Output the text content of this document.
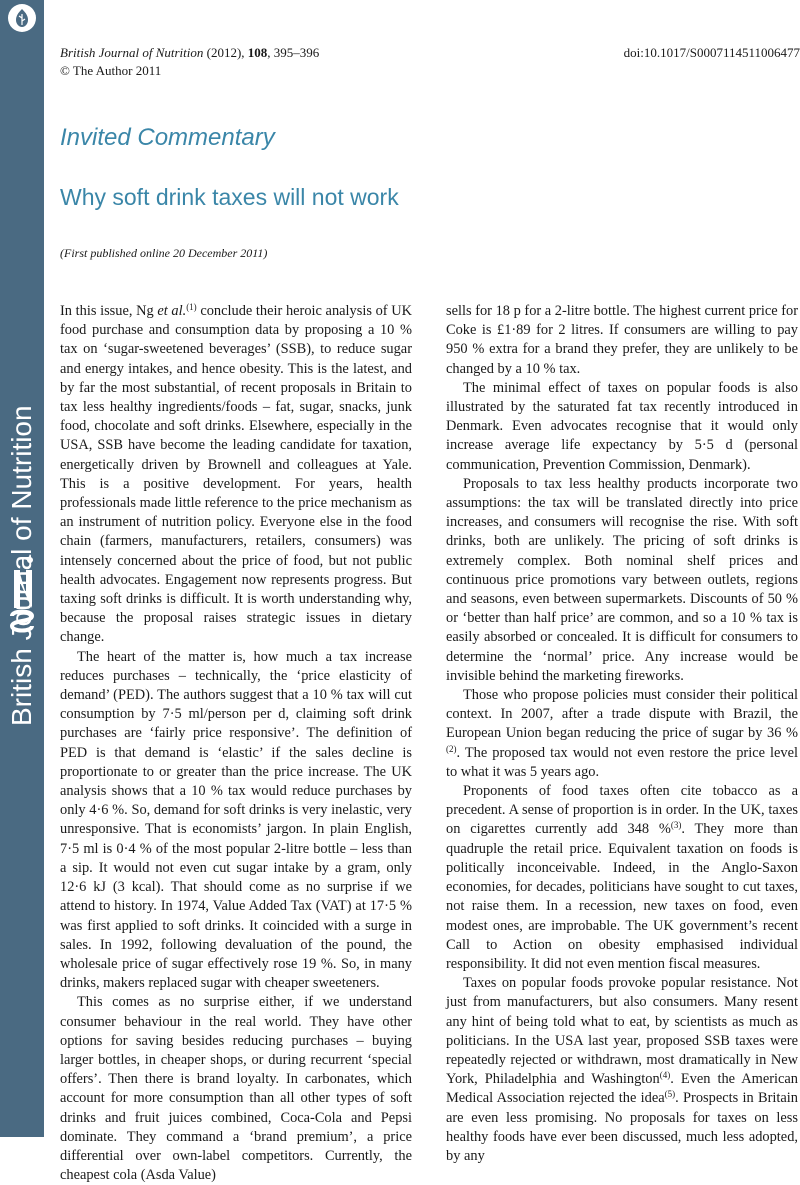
British Journal of Nutrition
British Journal of Nutrition (2012), 108, 395–396
© The Author 2011
doi:10.1017/S0007114511006477
Invited Commentary
Why soft drink taxes will not work
(First published online 20 December 2011)

In this issue, Ng et al.$^{(1)}$ conclude their heroic analysis of UK food purchase and consumption data by proposing a 10 % tax on ‘sugar-sweetened beverages’ (SSB), to reduce sugar and energy intakes, and hence obesity. This is the latest, and by far the most substantial, of recent proposals in Britain to tax less healthy ingredients/foods – fat, sugar, snacks, junk food, chocolate and soft drinks. Elsewhere, especially in the USA, SSB have become the leading candidate for taxation, energetically driven by Brownell and colleagues at Yale. This is a positive development. For years, health professionals made little reference to the price mechanism as an instrument of nutrition policy. Everyone else in the food chain (farmers, manufacturers, retailers, consumers) was intensely concerned about the price of food, but not public health advocates. Engagement now represents progress. But taxing soft drinks is difficult. It is worth understanding why, because the proposal raises strategic issues in dietary change.

The heart of the matter is, how much a tax increase reduces purchases – technically, the ‘price elasticity of demand’ (PED). The authors suggest that a 10 % tax will cut consumption by 7·5 ml/person per d, claiming soft drink purchases are ‘fairly price responsive’. The definition of PED is that demand is ‘elastic’ if the sales decline is proportionate to or greater than the price increase. The UK analysis shows that a 10 % tax would reduce purchases by only 4·6 %. So, demand for soft drinks is very inelastic, very unresponsive. That is economists’ jargon. In plain English, 7·5 ml is 0·4 % of the most popular 2-litre bottle – less than a sip. It would not even cut sugar intake by a gram, only 12·6 kJ (3 kcal). That should come as no surprise if we attend to history. In 1974, Value Added Tax (VAT) at 17·5 % was first applied to soft drinks. It coincided with a surge in sales. In 1992, following devaluation of the pound, the wholesale price of sugar effectively rose 19 %. So, in many drinks, makers replaced sugar with cheaper sweeteners.

This comes as no surprise either, if we understand consumer behaviour in the real world. They have other options for saving besides reducing purchases – buying larger bottles, in cheaper shops, or during recurrent ‘special offers’. Then there is brand loyalty. In carbonates, which account for more consumption than all other types of soft drinks and fruit juices combined, Coca-Cola and Pepsi dominate. They command a ‘brand premium’, a price differential over own-label competitors. Currently, the cheapest cola (Asda Value)

sells for 18 p for a 2-litre bottle. The highest current price for Coke is £1·89 for 2 litres. If consumers are willing to pay 950 % extra for a brand they prefer, they are unlikely to be changed by a 10 % tax.

The minimal effect of taxes on popular foods is also illustrated by the saturated fat tax recently introduced in Denmark. Even advocates recognise that it would only increase average life expectancy by 5·5 d (personal communication, Prevention Commission, Denmark).

Proposals to tax less healthy products incorporate two assumptions: the tax will be translated directly into price increases, and consumers will recognise the rise. With soft drinks, both are unlikely. The pricing of soft drinks is extremely complex. Both nominal shelf prices and continuous price promotions vary between outlets, regions and seasons, even between supermarkets. Discounts of 50 % or ‘better than half price’ are common, and so a 10 % tax is easily absorbed or concealed. It is difficult for consumers to determine the ‘normal’ price. Any increase would be invisible behind the marketing fireworks.

Those who propose policies must consider their political context. In 2007, after a trade dispute with Brazil, the European Union began reducing the price of sugar by 36 %$^{(2)}$. The proposed tax would not even restore the price level to what it was 5 years ago.

Proponents of food taxes often cite tobacco as a precedent. A sense of proportion is in order. In the UK, taxes on cigarettes currently add 348 %$^{(3)}$. They more than quadruple the retail price. Equivalent taxation on foods is politically inconceivable. Indeed, in the Anglo-Saxon economies, for decades, politicians have sought to cut taxes, not raise them. In a recession, new taxes on food, even modest ones, are improbable. The UK government’s recent Call to Action on obesity emphasised individual responsibility. It did not even mention fiscal measures.

Taxes on popular foods provoke popular resistance. Not just from manufacturers, but also consumers. Many resent any hint of being told what to eat, by scientists as much as politicians. In the USA last year, proposed SSB taxes were repeatedly rejected or withdrawn, most dramatically in New York, Philadelphia and Washington$^{(4)}$. Even the American Medical Association rejected the idea$^{(5)}$. Prospects in Britain are even less promising. No proposals for taxes on less healthy foods have ever been discussed, much less adopted, by any
